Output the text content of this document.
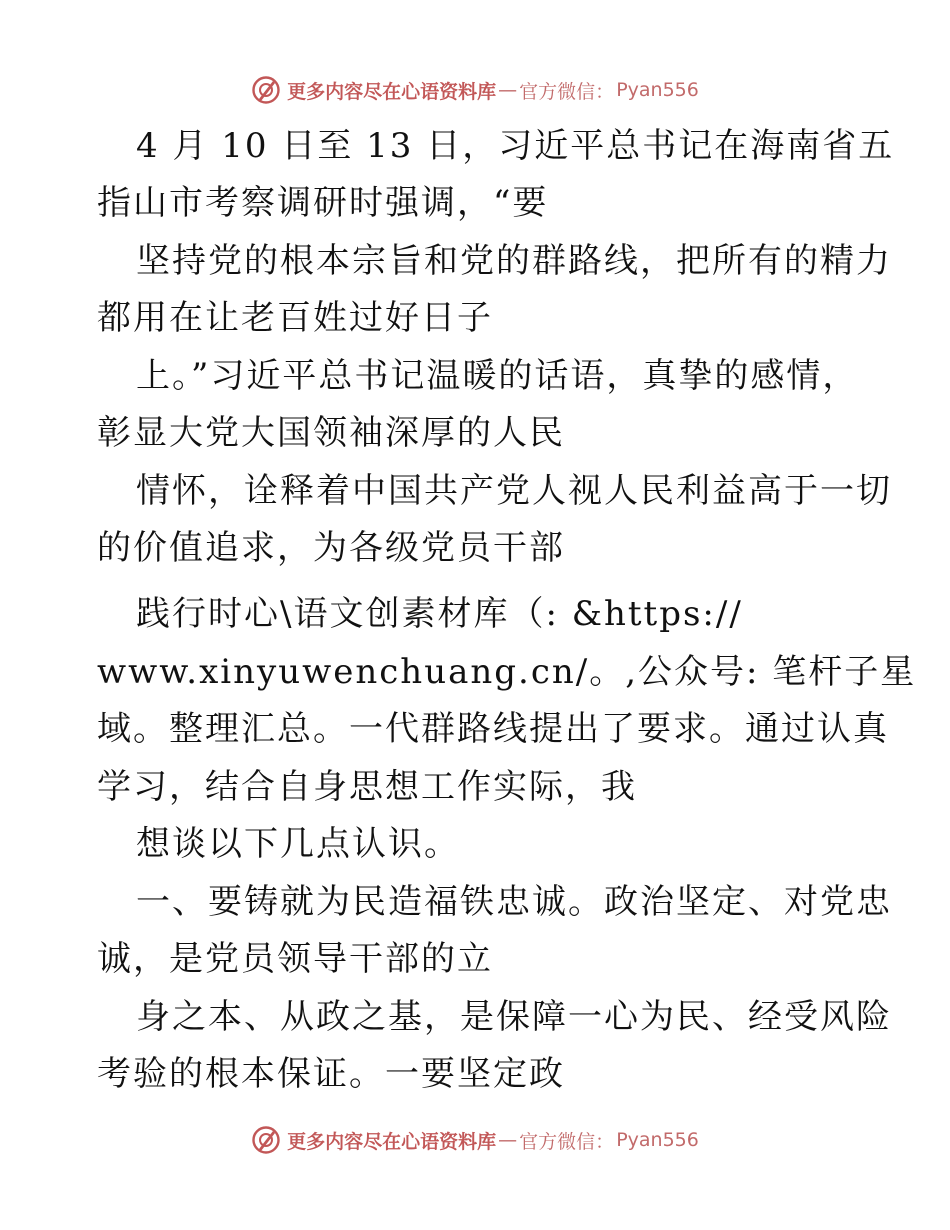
更多内容尽在心语资料库 — 官方微信： Pyan556
4 月 10 日至 13 日，习近平总书记在海南省五
指山市考察调研时强调，“要
坚持党的根本宗旨和党的群路线，把所有的精力
都用在让老百姓过好日子
上。”习近平总书记温暖的话语，真挚的感情，
彰显大党大国领袖深厚的人民
情怀，诠释着中国共产党人视人民利益高于一切
的价值追求，为各级党员干部
践行时心\语文创素材库（: &https://
www.xinyuwenchuang.cn/。,公众号: 笔杆子星
域。整理汇总。一代群路线提出了要求。通过认真
学习，结合自身思想工作实际，我
想谈以下几点认识。
一、要铸就为民造福铁忠诚。政治坚定、对党忠
诚，是党员领导干部的立
身之本、从政之基，是保障一心为民、经受风险
考验的根本保证。一要坚定政
更多内容尽在心语资料库 — 官方微信： Pyan556
